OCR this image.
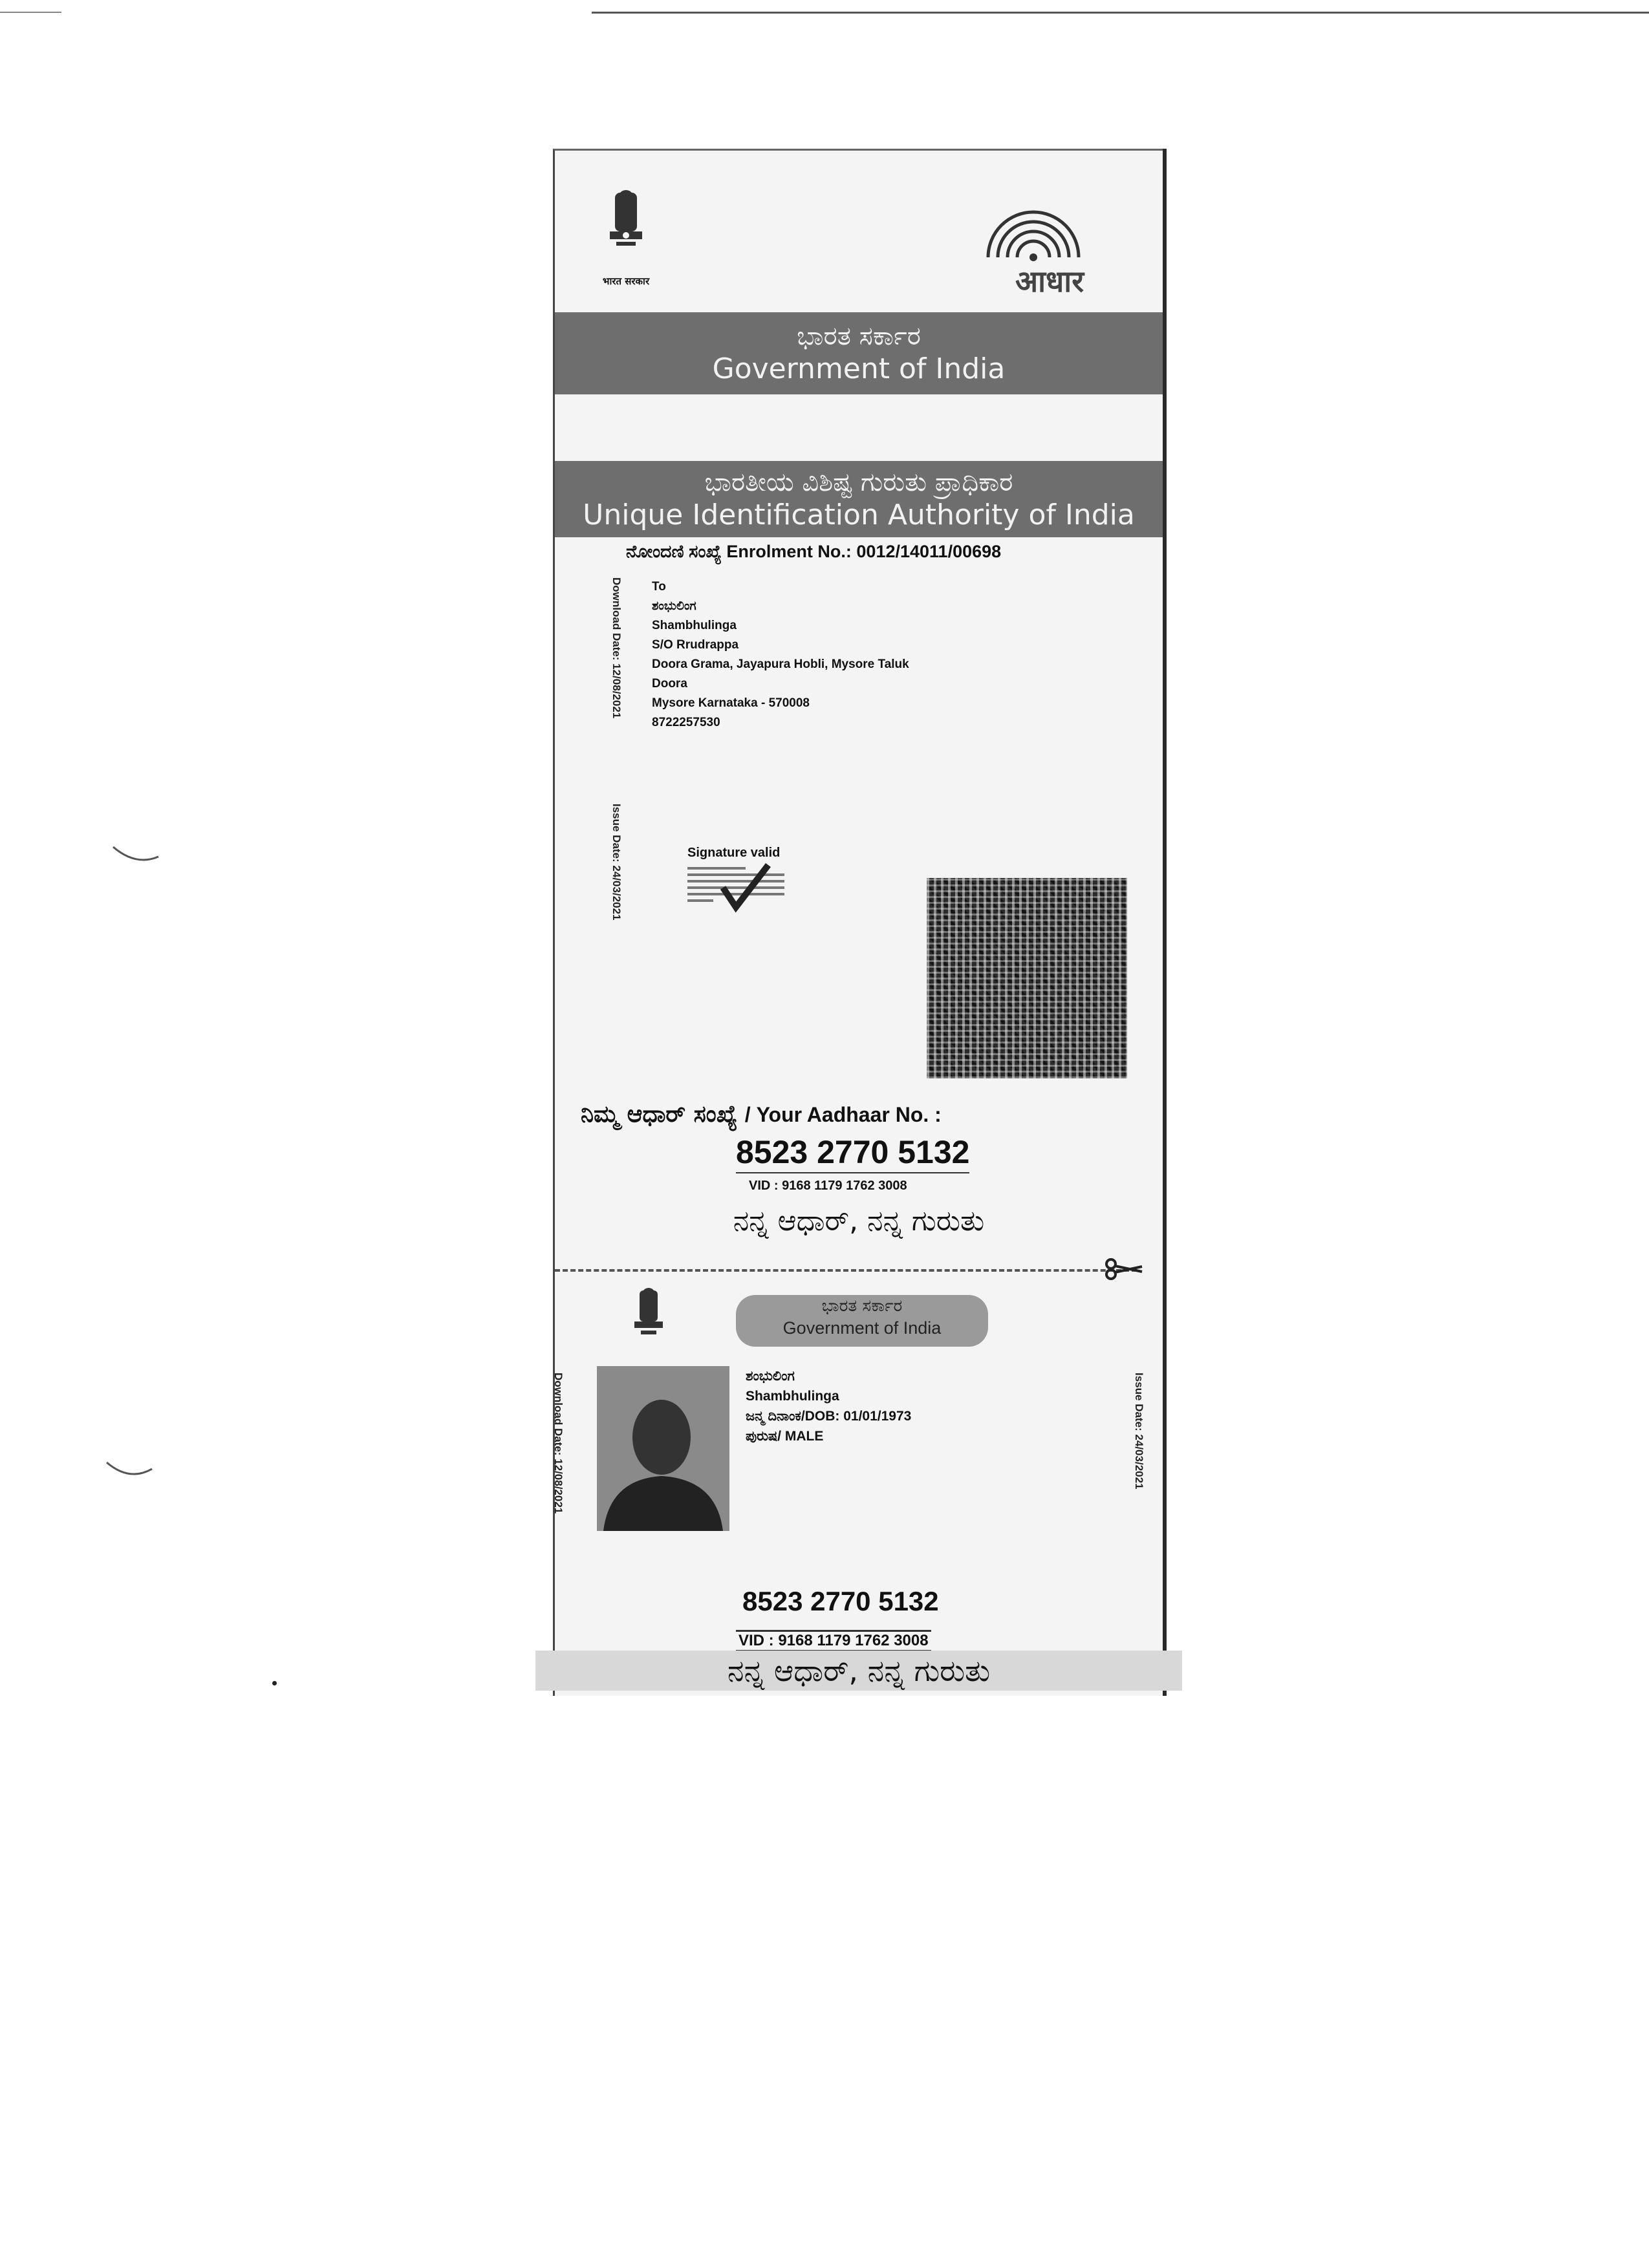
भारत सरकार	आधार
ಭಾರತ ಸರ್ಕಾರ
Government of India
ಭಾರತೀಯ ವಿಶಿಷ್ಟ ಗುರುತು ಪ್ರಾಧಿಕಾರ
Unique Identification Authority of India
ನೋಂದಣಿ ಸಂಖ್ಯೆ Enrolment No.: 0012/14011/00698
Download Date: 12/08/2021
Issue Date: 24/03/2021
To
ಶಂಭುಲಿಂಗ
Shambhulinga
S/O Rrudrappa
Doora Grama, Jayapura Hobli, Mysore Taluk
Doora
Mysore Karnataka - 570008
8722257530
Signature valid
ನಿಮ್ಮ ಆಧಾರ್ ಸಂಖ್ಯೆ / Your Aadhaar No. :
8523 2770 5132
VID : 9168 1179 1762 3008
ನನ್ನ ಆಧಾರ್, ನನ್ನ ಗುರುತು
ಭಾರತ ಸರ್ಕಾರ
Government of India
Download Date: 12/08/2021	Issue Date: 24/03/2021
ಶಂಭುಲಿಂಗ
Shambhulinga
ಜನ್ಮ ದಿನಾಂಕ/DOB: 01/01/1973
ಪುರುಷ/ MALE
8523 2770 5132
VID : 9168 1179 1762 3008
ನನ್ನ ಆಧಾರ್, ನನ್ನ ಗುರುತು
